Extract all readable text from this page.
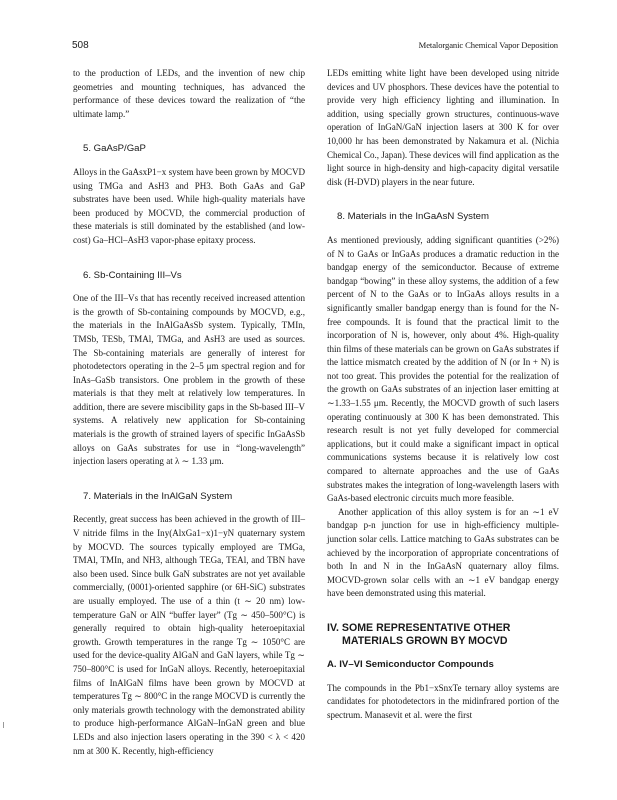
508	Metalorganic Chemical Vapor Deposition

to the production of LEDs, and the invention of new chip geometries and mounting techniques, has advanced the performance of these devices toward the realization of “the ultimate lamp.”

5. GaAsP/GaP

Alloys in the GaAsxP1−x system have been grown by MOCVD using TMGa and AsH3 and PH3. Both GaAs and GaP substrates have been used. While high-quality materials have been produced by MOCVD, the commercial production of these materials is still dominated by the established (and low-cost) Ga–HCl–AsH3 vapor-phase epitaxy process.

6. Sb-Containing III–Vs

One of the III–Vs that has recently received increased attention is the growth of Sb-containing compounds by MOCVD, e.g., the materials in the InAlGaAsSb system. Typically, TMIn, TMSb, TESb, TMAl, TMGa, and AsH3 are used as sources. The Sb-containing materials are generally of interest for photodetectors operating in the 2–5 μm spectral region and for InAs–GaSb transistors. One problem in the growth of these materials is that they melt at relatively low temperatures. In addition, there are severe miscibility gaps in the Sb-based III–V systems. A relatively new application for Sb-containing materials is the growth of strained layers of specific InGaAsSb alloys on GaAs substrates for use in “long-wavelength” injection lasers operating at λ ∼ 1.33 μm.

7. Materials in the InAlGaN System

Recently, great success has been achieved in the growth of III–V nitride films in the Iny(AlxGa1−x)1−yN quaternary system by MOCVD. The sources typically employed are TMGa, TMAl, TMIn, and NH3, although TEGa, TEAl, and TBN have also been used. Since bulk GaN substrates are not yet available commercially, (0001)-oriented sapphire (or 6H-SiC) substrates are usually employed. The use of a thin (t ∼ 20 nm) low-temperature GaN or AlN “buffer layer” (Tg ∼ 450–500°C) is generally required to obtain high-quality heteroepitaxial growth. Growth temperatures in the range Tg ∼ 1050°C are used for the device-quality AlGaN and GaN layers, while Tg ∼ 750–800°C is used for InGaN alloys. Recently, heteroepitaxial films of InAlGaN films have been grown by MOCVD at temperatures Tg ∼ 800°C in the range MOCVD is currently the only materials growth technology with the demonstrated ability to produce high-performance AlGaN–InGaN green and blue LEDs and also injection lasers operating in the 390 < λ < 420 nm at 300 K. Recently, high-efficiency

LEDs emitting white light have been developed using nitride devices and UV phosphors. These devices have the potential to provide very high efficiency lighting and illumination. In addition, using specially grown structures, continuous-wave operation of InGaN/GaN injection lasers at 300 K for over 10,000 hr has been demonstrated by Nakamura et al. (Nichia Chemical Co., Japan). These devices will find application as the light source in high-density and high-capacity digital versatile disk (H-DVD) players in the near future.

8. Materials in the InGaAsN System

As mentioned previously, adding significant quantities (>2%) of N to GaAs or InGaAs produces a dramatic reduction in the bandgap energy of the semiconductor. Because of extreme bandgap “bowing” in these alloy systems, the addition of a few percent of N to the GaAs or to InGaAs alloys results in a significantly smaller bandgap energy than is found for the N-free compounds. It is found that the practical limit to the incorporation of N is, however, only about 4%. High-quality thin films of these materials can be grown on GaAs substrates if the lattice mismatch created by the addition of N (or In + N) is not too great. This provides the potential for the realization of the growth on GaAs substrates of an injection laser emitting at ∼1.33–1.55 μm. Recently, the MOCVD growth of such lasers operating continuously at 300 K has been demonstrated. This research result is not yet fully developed for commercial applications, but it could make a significant impact in optical communications systems because it is relatively low cost compared to alternate approaches and the use of GaAs substrates makes the integration of long-wavelength lasers with GaAs-based electronic circuits much more feasible.

Another application of this alloy system is for an ∼1 eV bandgap p-n junction for use in high-efficiency multiple-junction solar cells. Lattice matching to GaAs substrates can be achieved by the incorporation of appropriate concentrations of both In and N in the InGaAsN quaternary alloy films. MOCVD-grown solar cells with an ∼1 eV bandgap energy have been demonstrated using this material.

IV. SOME REPRESENTATIVE OTHER
MATERIALS GROWN BY MOCVD
A. IV–VI Semiconductor Compounds

The compounds in the Pb1−xSnxTe ternary alloy systems are candidates for photodetectors in the midinfrared portion of the spectrum. Manasevit et al. were the first
